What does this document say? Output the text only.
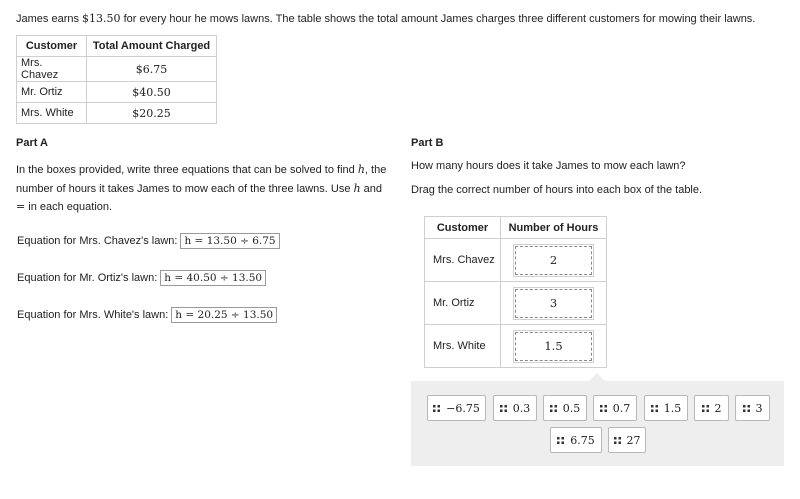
James earns $13.50 for every hour he mows lawns. The table shows the total amount James charges three different customers for mowing their lawns.
Customer	Total Amount Charged
Mrs. Chavez	$6.75
Mr. Ortiz	$40.50
Mrs. White	$20.25
Part A
In the boxes provided, write three equations that can be solved to find h, the number of hours it takes James to mow each of the three lawns. Use h and = in each equation.
Equation for Mrs. Chavez's lawn: h = 13.50 ÷ 6.75
Equation for Mr. Ortiz's lawn: h = 40.50 ÷ 13.50
Equation for Mrs. White's lawn: h = 20.25 ÷ 13.50
Part B
How many hours does it take James to mow each lawn?
Drag the correct number of hours into each box of the table.
Customer	Number of Hours
Mrs. Chavez	2
Mr. Ortiz	3
Mrs. White	1.5
−6.75	0.3	0.5	0.7	1.5	2	3
6.75	27
